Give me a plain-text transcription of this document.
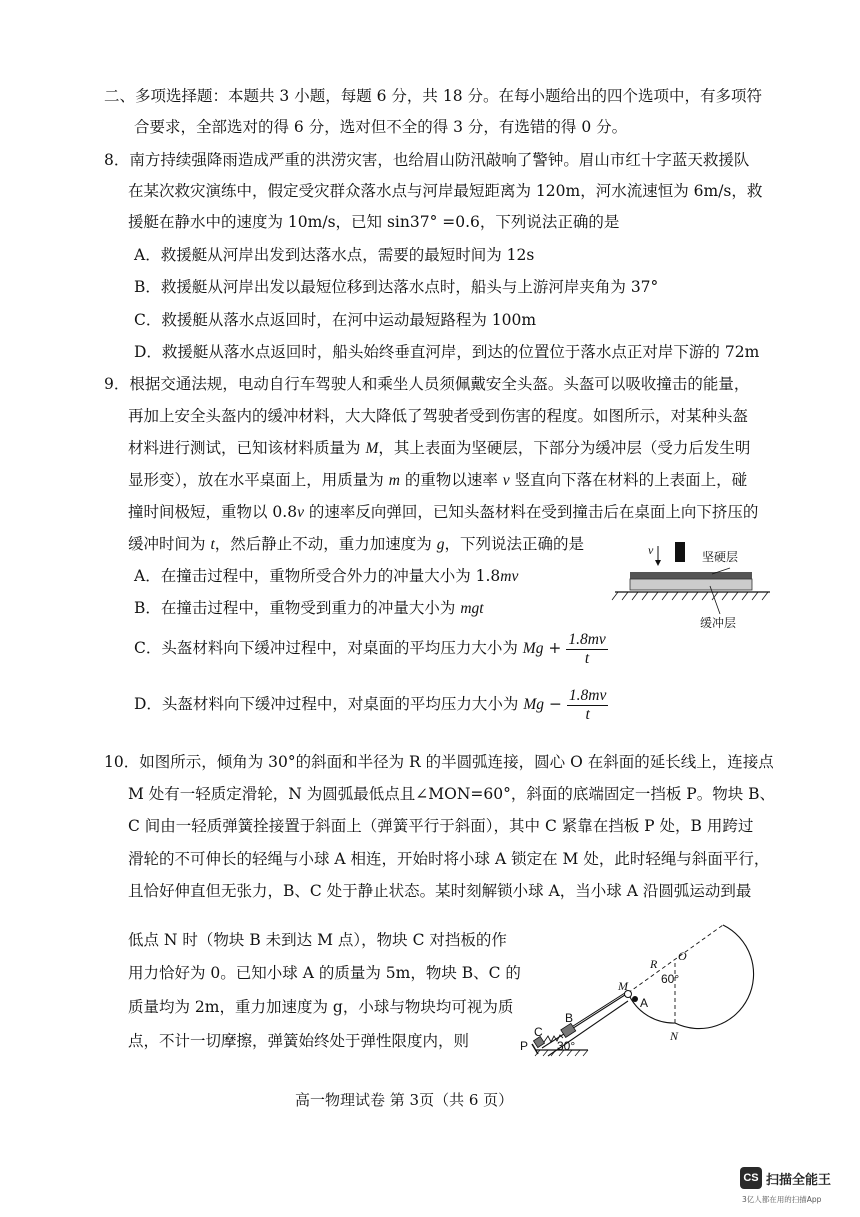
二、多项选择题：本题共 3 小题，每题 6 分，共 18 分。在每小题给出的四个选项中，有多项符
合要求，全部选对的得 6 分，选对但不全的得 3 分，有选错的得 0 分。
8．南方持续强降雨造成严重的洪涝灾害，也给眉山防汛敲响了警钟。眉山市红十字蓝天救援队
在某次救灾演练中，假定受灾群众落水点与河岸最短距离为 120m，河水流速恒为 6m/s，救
援艇在静水中的速度为 10m/s，已知 sin37° =0.6，下列说法正确的是
A．救援艇从河岸出发到达落水点，需要的最短时间为 12s
B．救援艇从河岸出发以最短位移到达落水点时，船头与上游河岸夹角为 37°
C．救援艇从落水点返回时，在河中运动最短路程为 100m
D．救援艇从落水点返回时，船头始终垂直河岸，到达的位置位于落水点正对岸下游的 72m
9．根据交通法规，电动自行车驾驶人和乘坐人员须佩戴安全头盔。头盔可以吸收撞击的能量，
再加上安全头盔内的缓冲材料，大大降低了驾驶者受到伤害的程度。如图所示，对某种头盔
材料进行测试，已知该材料质量为 M，其上表面为坚硬层，下部分为缓冲层（受力后发生明
显形变），放在水平桌面上，用质量为 m 的重物以速率 v 竖直向下落在材料的上表面上，碰
撞时间极短，重物以 0.8v 的速率反向弹回，已知头盔材料在受到撞击后在桌面上向下挤压的
缓冲时间为 t，然后静止不动，重力加速度为 g，下列说法正确的是
A．在撞击过程中，重物所受合外力的冲量大小为 1.8mv
B．在撞击过程中，重物受到重力的冲量大小为 mgt
C．头盔材料向下缓冲过程中，对桌面的平均压力大小为 $Mg + \frac{1.8mv}{t}$
D．头盔材料向下缓冲过程中，对桌面的平均压力大小为 $Mg - \frac{1.8mv}{t}$
v	坚硬层
缓冲层
10．如图所示，倾角为 30°的斜面和半径为 R 的半圆弧连接，圆心 O 在斜面的延长线上，连接点
M 处有一轻质定滑轮，N 为圆弧最低点且∠MON=60°，斜面的底端固定一挡板 P。物块 B、
C 间由一轻质弹簧拴接置于斜面上（弹簧平行于斜面），其中 C 紧靠在挡板 P 处，B 用跨过
滑轮的不可伸长的轻绳与小球 A 相连，开始时将小球 A 锁定在 M 处，此时轻绳与斜面平行，
且恰好伸直但无张力，B、C 处于静止状态。某时刻解锁小球 A，当小球 A 沿圆弧运动到最
低点 N 时（物块 B 未到达 M 点），物块 C 对挡板的作
用力恰好为 0。已知小球 A 的质量为 5m，物块 B、C 的
质量均为 2m，重力加速度为 g，小球与物块均可视为质
点，不计一切摩擦，弹簧始终处于弹性限度内，则
M
A
R
O
60°
N
B
C
P 30°
高一物理试卷 第 3页（共 6 页）
CS 扫描全能王
3亿人都在用的扫描App
